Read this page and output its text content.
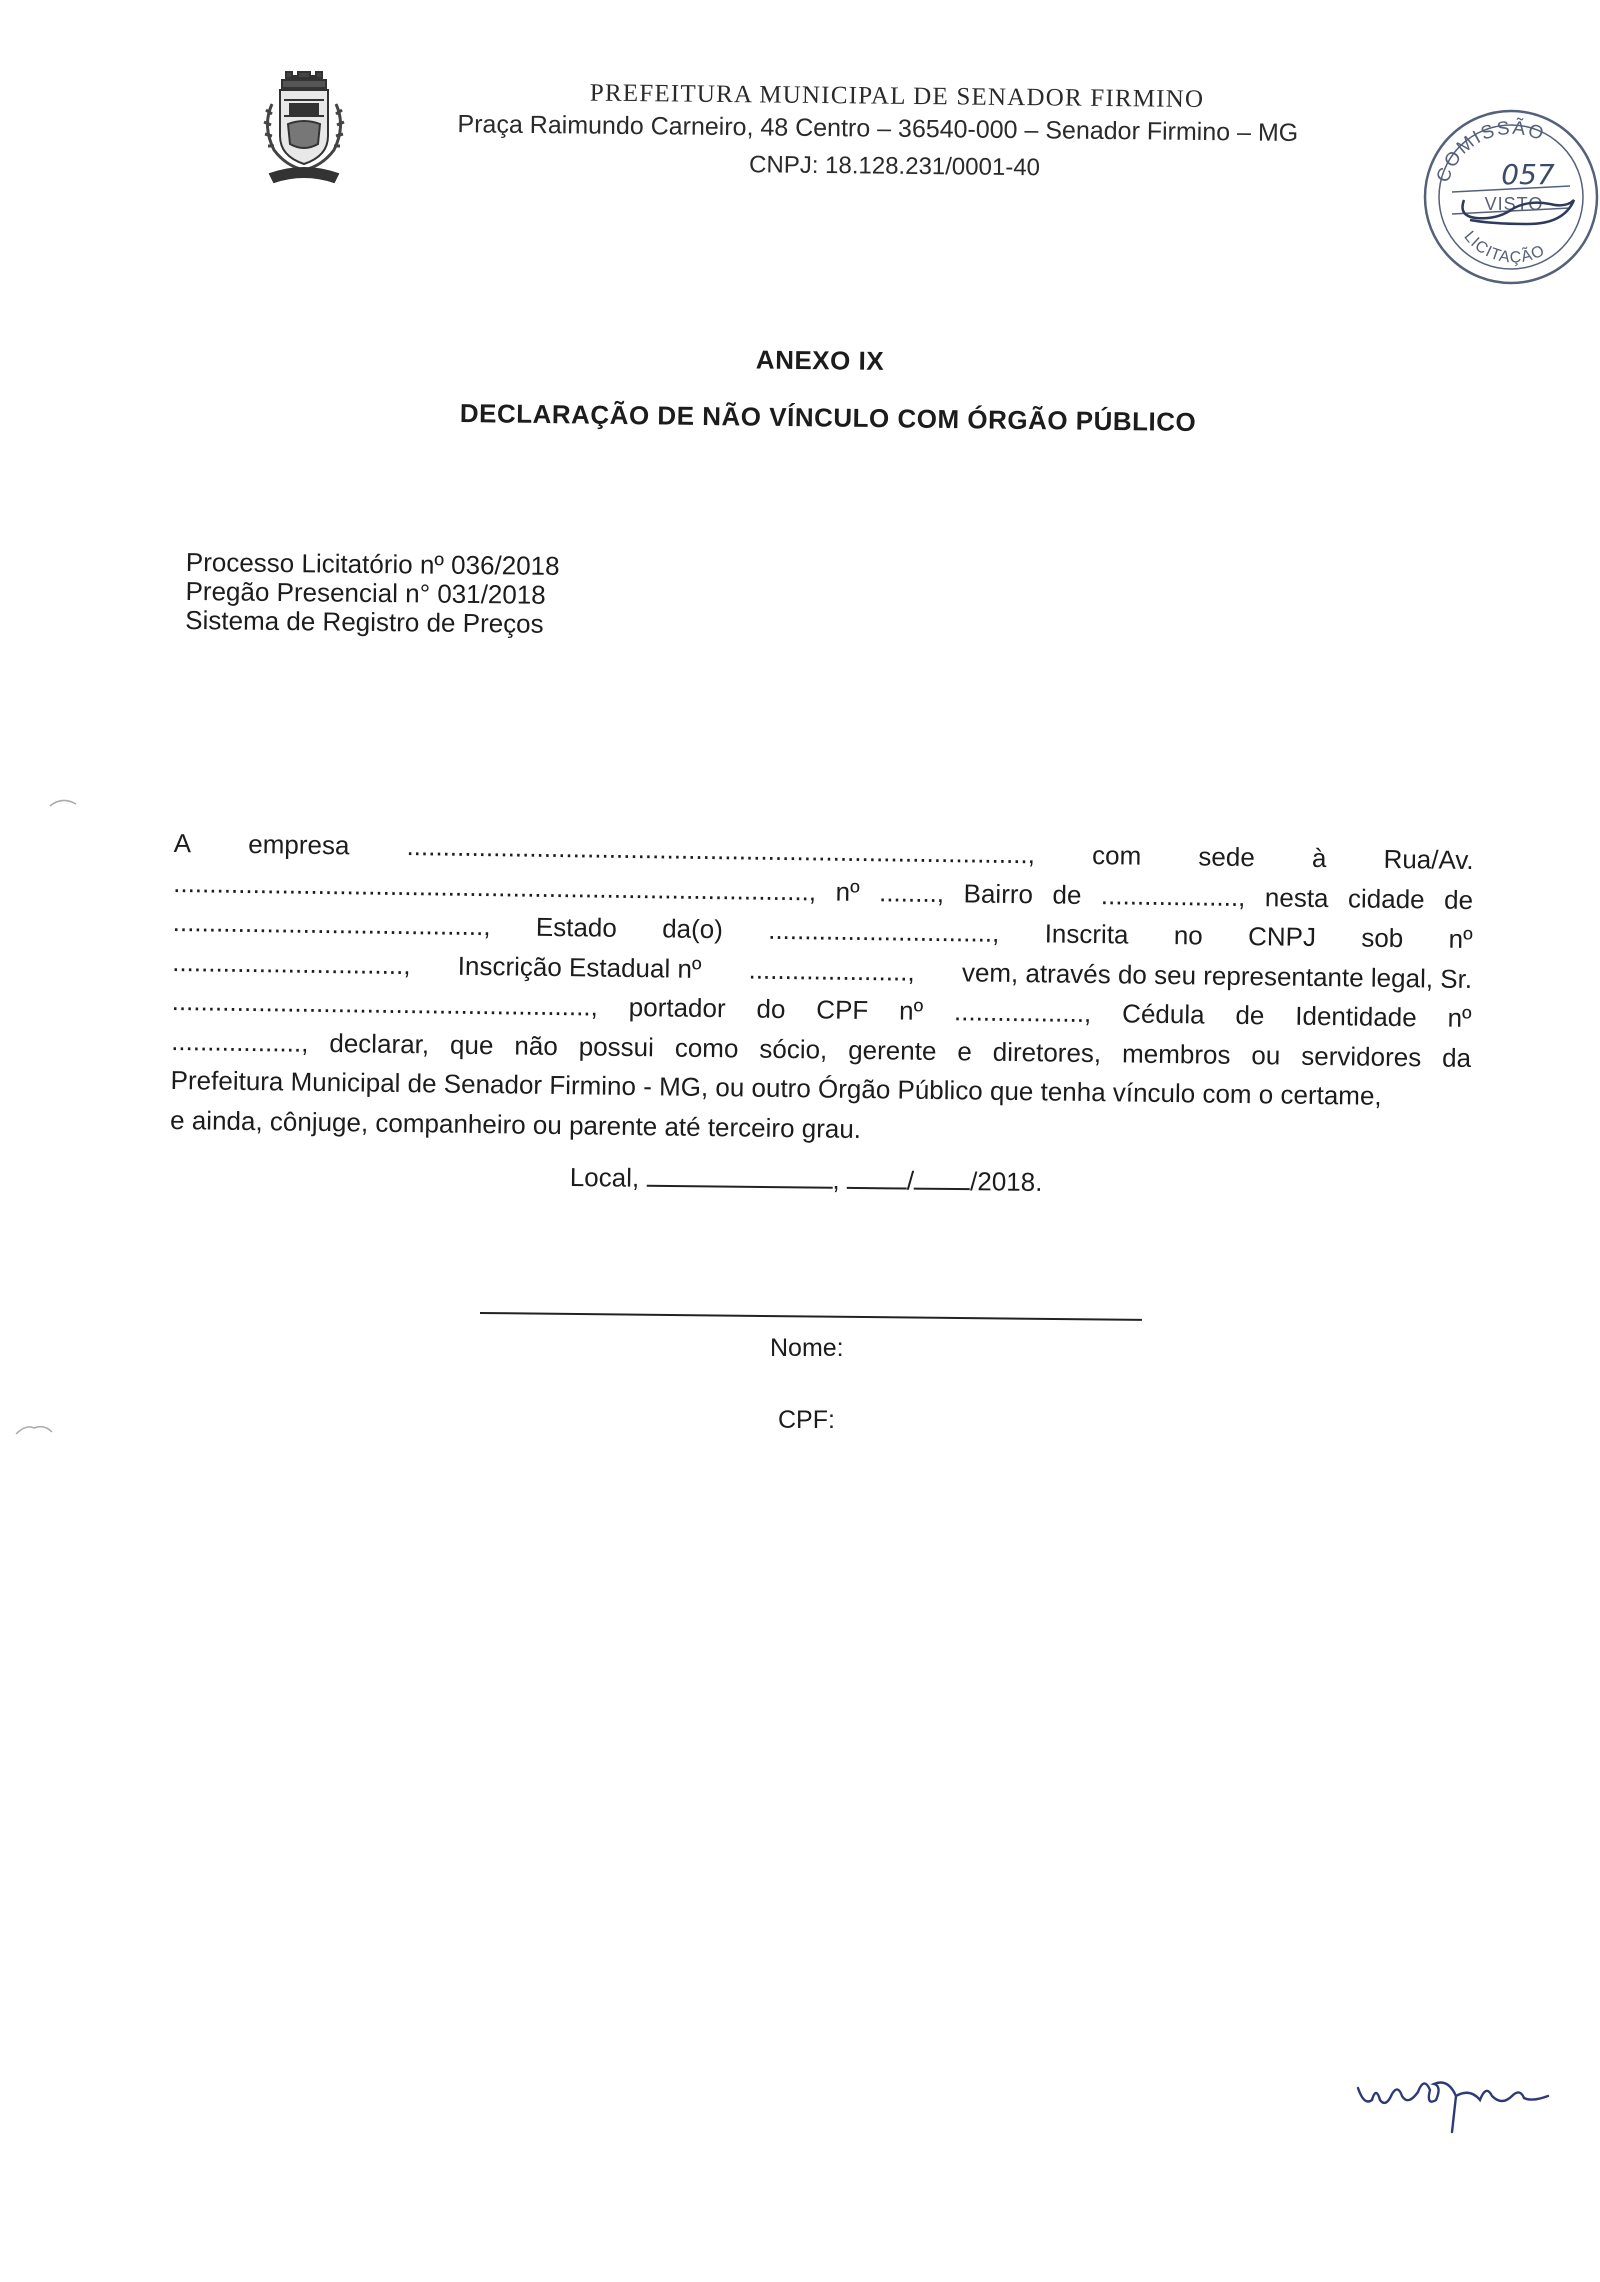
PREFEITURA MUNICIPAL DE SENADOR FIRMINO
Praça Raimundo Carneiro, 48 Centro – 36540-000 – Senador Firmino – MG
CNPJ: 18.128.231/0001-40	COMISSÃO
LICITAÇÃO
057
VISTO
ANEXO IX
DECLARAÇÃO DE NÃO VÍNCULO COM ÓRGÃO PÚBLICO
Processo Licitatório nº 036/2018
Pregão Presencial n° 031/2018
Sistema de Registro de Preços
A empresa ......................................................................................, com sede à Rua/Av.
........................................................................................, nº ........, Bairro de ..................., nesta cidade de
..........................................., Estado da(o) ..............................., Inscrita no CNPJ sob nº
................................, Inscrição Estadual nº ......................, vem, através do seu representante legal, Sr.
.........................................................., portador do CPF nº .................., Cédula de Identidade nº
.................., declarar, que não possui como sócio, gerente e diretores, membros ou servidores da
Prefeitura Municipal de Senador Firmino - MG, ou outro Órgão Público que tenha vínculo com o certame,
e ainda, cônjuge, companheiro ou parente até terceiro grau.
Local,	,	/ /2018.
Nome:
CPF:
